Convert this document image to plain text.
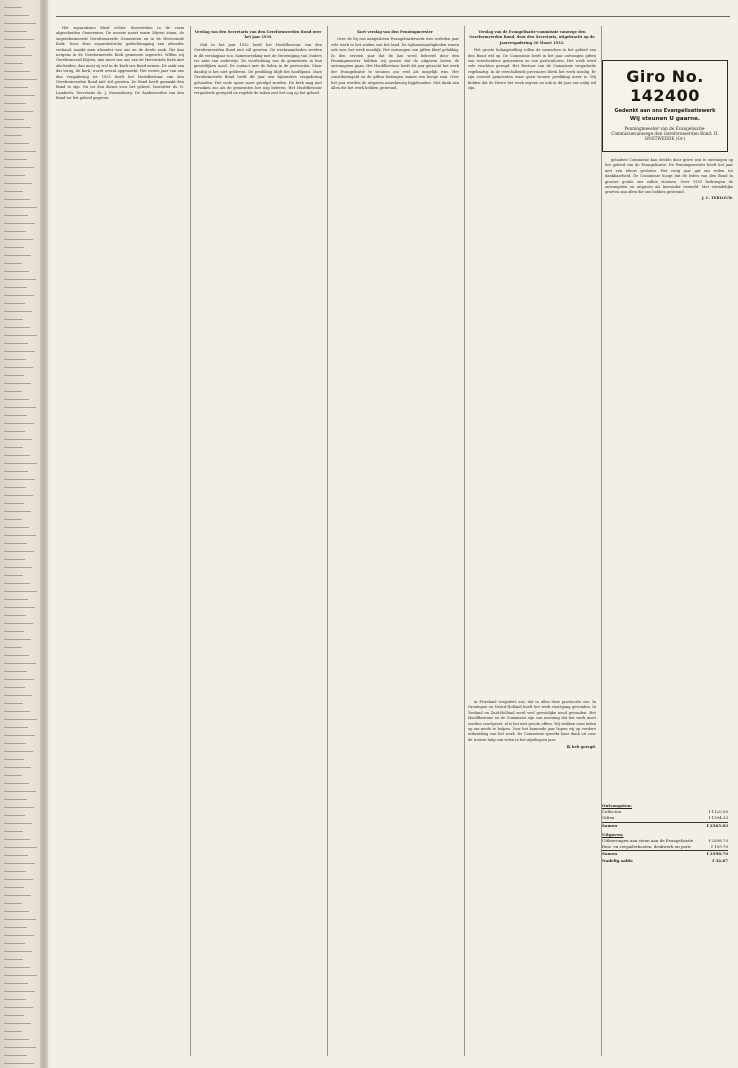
Het separatisme bleef echter doorwerken in de vorm afgescheiden Gemeenten. De meeste naast warm blijven staan, de ongereformeerde Gereformeerde Gemeenten en in de Hervormde Kerk. Door deze separatistische gedachtengang een afzonder verband, maakt men afzonder van ons en de derde zaak. Die kan nergens in de Gereformeerde Kerk gemeente ingericht. Willen wij Gereformeerd blijven, dan moet ons ons van de Hervormde Kerk niet afscheiden, dan moet zij wel in de Kerk ons Bond nemen. De zaak van dat terug, de kerk, wordt overal opgemerkt. Het eerste jaar van ons den vergadering tot 1932 heeft het Hoofdbestuur van den Gereformeerden Bond niet stil gezeten. De Bond heeft gemaakt den Bond te zijn. Nu tot den dienst voor het geheel. Voorzitter ds. D. Lamberts, Secretaris ds. J. Zwanenburg. De Zaakwoorden van den Bond tot het geheel gegeven.

Verslag van den Secretaris van den Gereformeerden Bond over het jaar 1932

Ook in het jaar 1932 heeft het Hoofdbestuur van den Gereformeerden Bond niet stil gezeten. De werkzaamheden werden in dit verslagjaar zoo. Samenwerking met de Vereeniging van Ouders ter zake van onderwijs. De voorlichting van de gemeenten in hun geestelijken nood. De contact met de leden in de provinciën. Maar daarbij is het niet gebleven. De prediking blijft het hoofdpunt. Onze Gereformeerde Bond heeft dit jaar een bijzondere vergadering gehouden. Het oude spoor moet gevolgd worden. De kerk mag niet verzaken zoo als de gemeenten het nog beleven. Het Hoofdbestuur vergaderde geregeld en regelde de zaken met het oog op het geheel.

Kort verslag van den Penningmeester

Over de bij ons aangesloten Evangelisatiewerk was verleden jaar vele werk in het zuiden van het land. De tijdsomstandigheden waren ook voor het werk moeilijk. Het ontvangen van giften bleef gelukkig. In den eersten jaar dat de kas werd beheerd door den Penningmeester hebben wij gezien dat de uitgaven boven de ontvangsten gaan. Het Hoofdbestuur heeft dit jaar getracht het werk der Evangelisatie te steunen zoo veel als mogelijk was. Het contributiegeld en de giften bedragen samen een hooge som. Over het jaar werden de uitgaven nauwkeurig bijgehouden. Met dank aan allen die het werk hebben gesteund.

Verslag van de Evangelisatie-commissie vanwege den Gereformeerden Bond, door den Secretaris, uitgebracht op de Jaarvergadering 30 Maart 1933.

Het groote belangstelling rollen de menschen in het gebied van den Bond wel op. De Commissie heeft in het jaar ontvangen giften van verscheidene gemeenten en van particulieren. Het werk werd vele vruchten gezegd. Het Bestuur van de Commissie vergaderde regelmatig. In de verschillende provincies bleek het werk noodig. Er zijn zooveel gemeenten waar geen trouwe prediking meer is. Wij bidden dat de Heere het werk zegene en ook in dit jaar ons nabij wil zijn.

gelaatste Commissie kan slechts door grove wat te ontvangen op het gebied van de Evangelisatie. De Penningmeester heeft het jaar met een tekort gesloten. Het vorig jaar gaf ons reden tot dankbaarheid. De Commissie hoopt dat de leden van den Bond in grooter getale ons zullen steunen. Over 1932 bedroegen de ontvangsten en uitgaven als hieronder vermeld. Met vriendelijke groeten aan allen die ons hebben gesteund.

J. C. TERLOUW.

Giro No. 142400
Gedenkt aan ons Evangelisatiewerk
Wij steunen U gaarne.
Penningmeester van de Evangelisatie-Commissievanwege den Gereformeerden Bond: H. ONSTWEDDE (Gr.)
Ontvangsten:
Collecten	f 1120.50
Giften	f 1394.33
Samen	f 2565.83
Uitgaven:
Uitkeeringen aan steun aan de Evangelisatie	f 2508.70
Reis- en vergaderkosten, drukwerk en porti	f 109.70
Samen	f 2598.70
Nadelig saldo	f 32.87

in Friesland vergadert ons, dat in allen deze provinciën zoo. In Groningen en Noord-Holland heeft het werk voortgang gevonden. In Zeeland en Zuid-Holland werd veel geestelijke nood gevonden. Het Hoofdbestuur en de Commissie zijn van meening dat het werk moet worden voortgezet, al is het met groote offers. Wij wekken onze leden op om mede te helpen. Voor het komende jaar hopen wij op verdere uitbreiding van het werk. De Commissie spreekt haar dank uit voor de trouwe hulp van velen in het afgeloopen jaar.

Ik heb gezegd.
